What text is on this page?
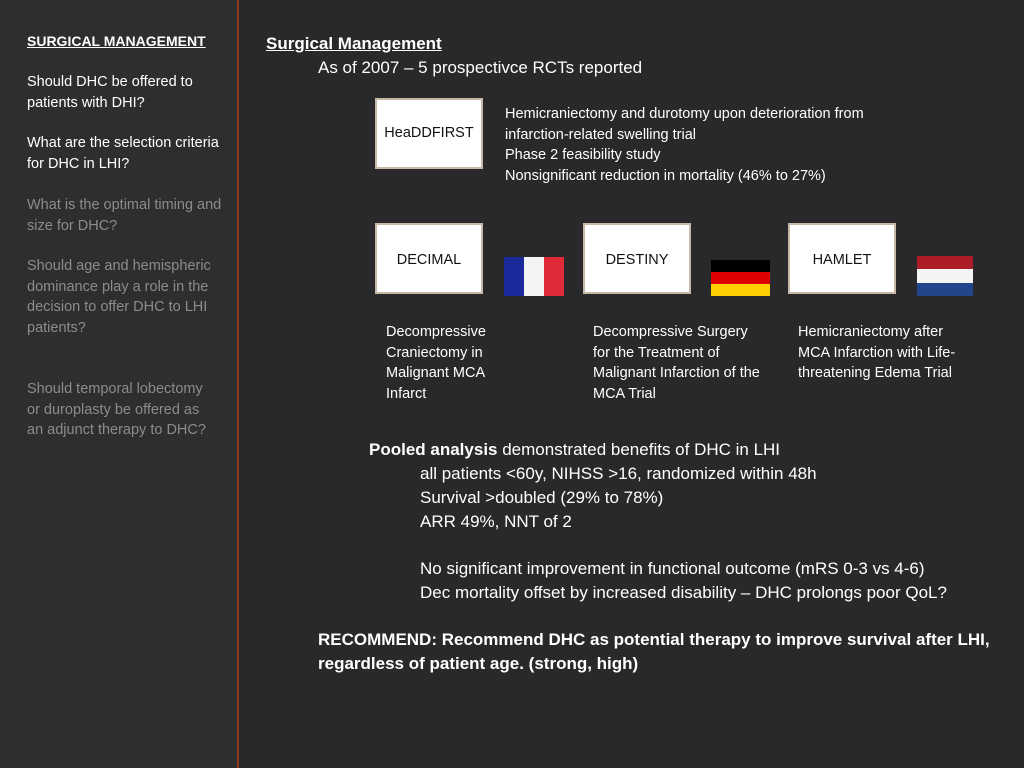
SURGICAL MANAGEMENT
Should DHC be offered to patients with DHI?
What are the selection criteria for DHC in LHI?
What is the optimal timing and size for DHC?
Should age and hemispheric dominance play a role in the decision to offer DHC to LHI patients?
Should temporal lobectomy or duroplasty be offered as an adjunct therapy to DHC?
Surgical Management
As of 2007 – 5 prospectivce RCTs reported
HeaDDFIRST
Hemicraniectomy and durotomy upon deterioration from
infarction-related swelling trial
Phase 2 feasibility study
Nonsignificant reduction in mortality (46% to 27%)
DECIMAL
Decompressive Craniectomy in Malignant MCA Infarct
DESTINY
Decompressive Surgery for the Treatment of Malignant Infarction of the MCA Trial
HAMLET
Hemicraniectomy after MCA Infarction with Life-threatening Edema Trial
Pooled analysis demonstrated benefits of DHC in LHI
all patients <60y, NIHSS >16, randomized within 48h
Survival >doubled (29% to 78%)
ARR 49%, NNT of 2
No significant improvement in functional outcome (mRS 0-3 vs 4-6)
Dec mortality offset by increased disability – DHC prolongs poor QoL?
RECOMMEND: Recommend DHC as potential therapy to improve survival after LHI, regardless of patient age. (strong, high)
